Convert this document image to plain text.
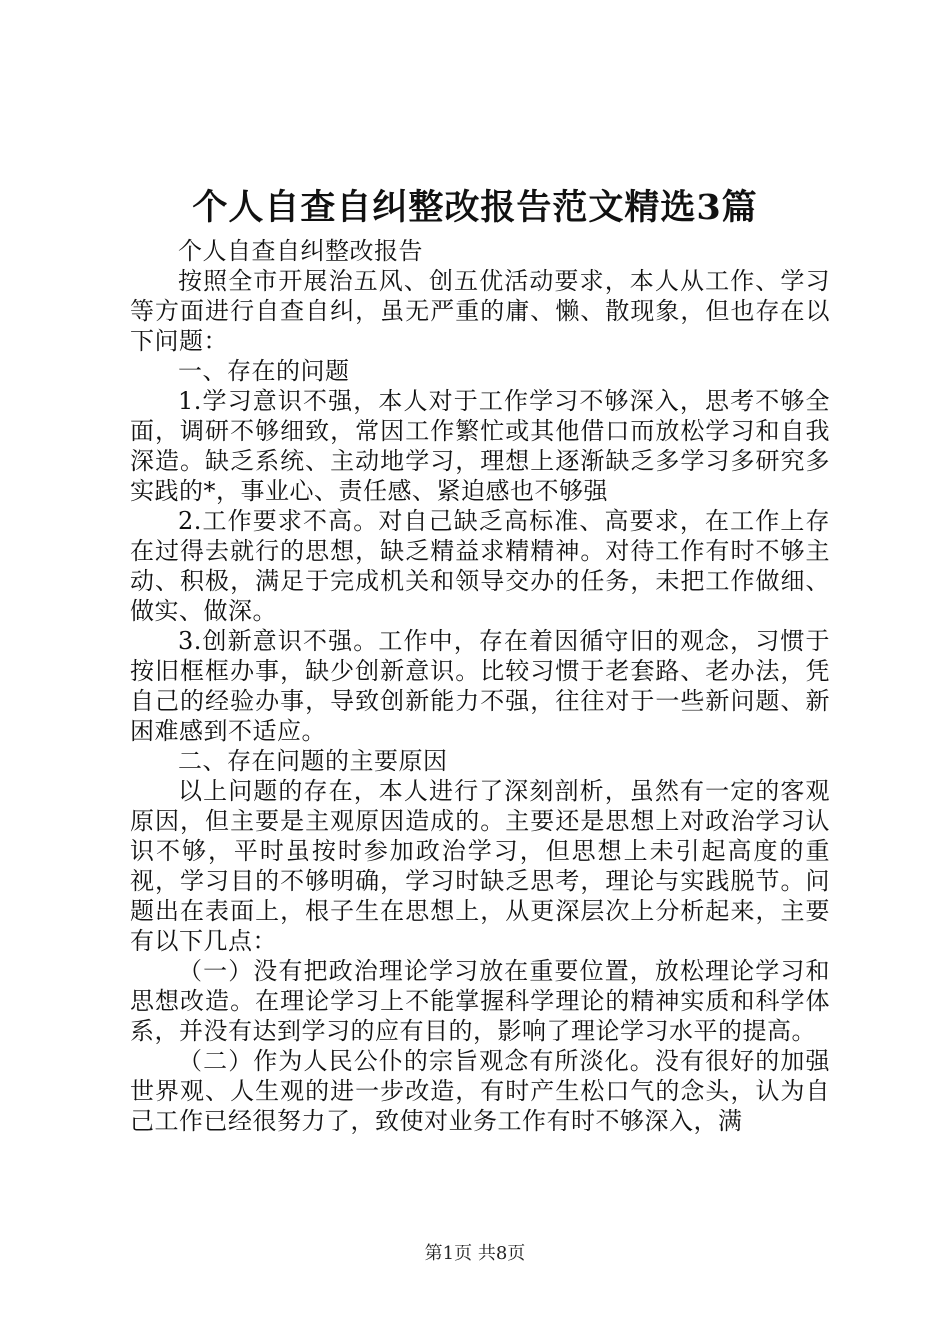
个人自查自纠整改报告范文精选3篇

个人自查自纠整改报告

按照全市开展治五风、创五优活动要求，本人从工作、学习等方面进行自查自纠，虽无严重的庸、懒、散现象，但也存在以下问题：

一、存在的问题

1.学习意识不强，本人对于工作学习不够深入，思考不够全面，调研不够细致，常因工作繁忙或其他借口而放松学习和自我深造。缺乏系统、主动地学习，理想上逐渐缺乏多学习多研究多实践的*，事业心、责任感、紧迫感也不够强

2.工作要求不高。对自己缺乏高标准、高要求，在工作上存在过得去就行的思想，缺乏精益求精精神。对待工作有时不够主动、积极，满足于完成机关和领导交办的任务，未把工作做细、做实、做深。

3.创新意识不强。工作中，存在着因循守旧的观念，习惯于按旧框框办事，缺少创新意识。比较习惯于老套路、老办法，凭自己的经验办事，导致创新能力不强，往往对于一些新问题、新困难感到不适应。

二、存在问题的主要原因

以上问题的存在，本人进行了深刻剖析，虽然有一定的客观原因，但主要是主观原因造成的。主要还是思想上对政治学习认识不够，平时虽按时参加政治学习，但思想上未引起高度的重视，学习目的不够明确，学习时缺乏思考，理论与实践脱节。问题出在表面上，根子生在思想上，从更深层次上分析起来，主要有以下几点：

（一）没有把政治理论学习放在重要位置，放松理论学习和思想改造。在理论学习上不能掌握科学理论的精神实质和科学体系，并没有达到学习的应有目的，影响了理论学习水平的提高。

（二）作为人民公仆的宗旨观念有所淡化。没有很好的加强世界观、人生观的进一步改造，有时产生松口气的念头，认为自己工作已经很努力了，致使对业务工作有时不够深入，满

第1页 共8页
